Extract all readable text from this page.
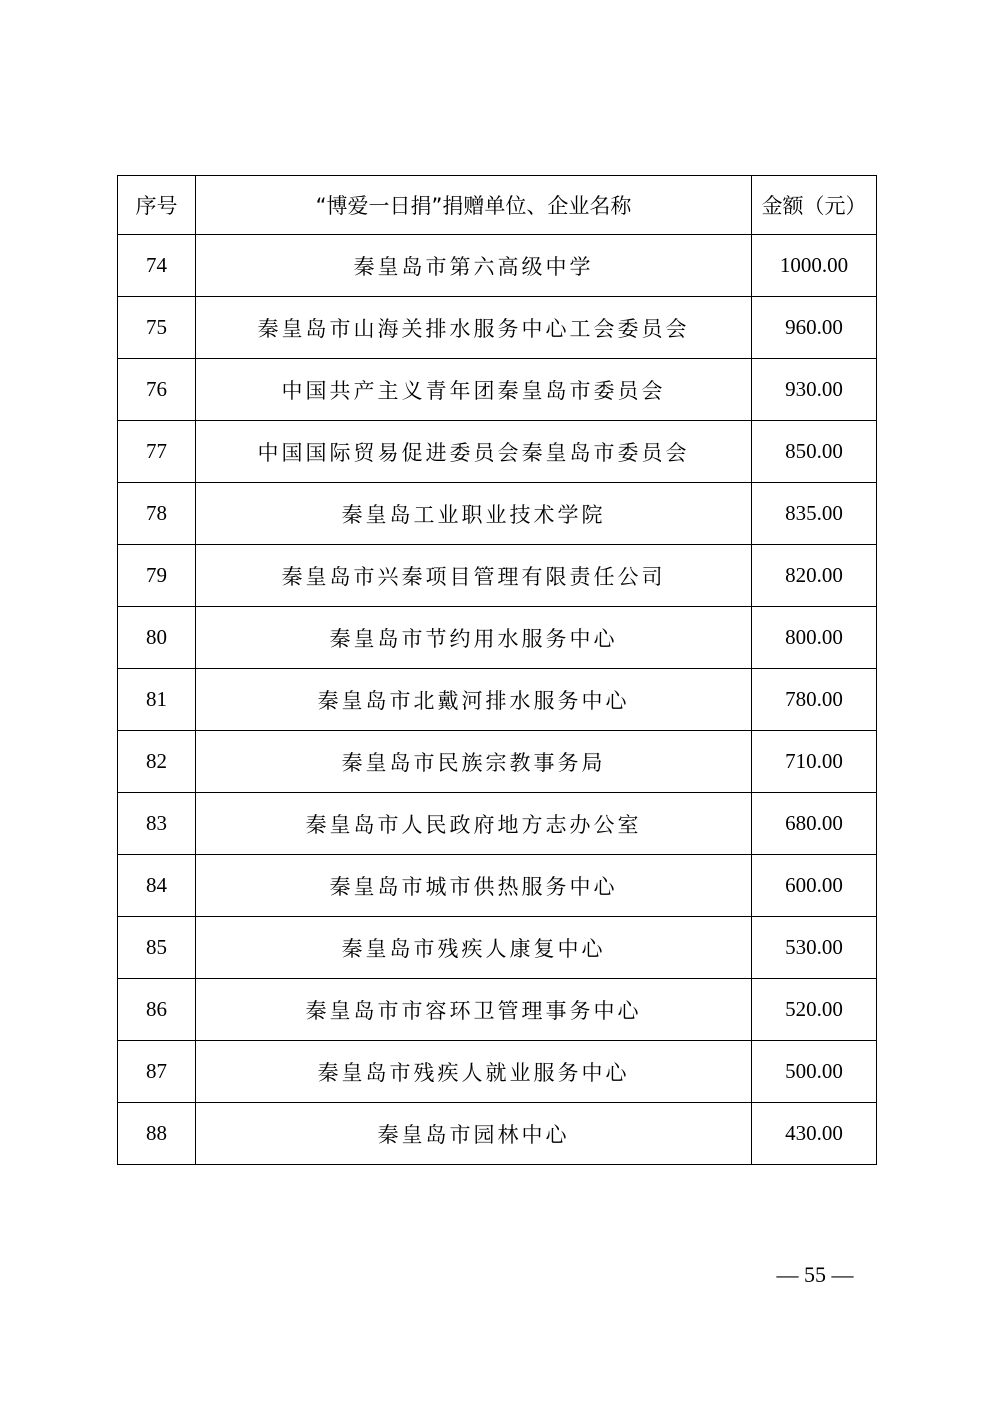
序号	“博爱一日捐”捐赠单位、企业名称	金额（元）
74	秦皇岛市第六高级中学	1000.00
75	秦皇岛市山海关排水服务中心工会委员会	960.00
76	中国共产主义青年团秦皇岛市委员会	930.00
77	中国国际贸易促进委员会秦皇岛市委员会	850.00
78	秦皇岛工业职业技术学院	835.00
79	秦皇岛市兴秦项目管理有限责任公司	820.00
80	秦皇岛市节约用水服务中心	800.00
81	秦皇岛市北戴河排水服务中心	780.00
82	秦皇岛市民族宗教事务局	710.00
83	秦皇岛市人民政府地方志办公室	680.00
84	秦皇岛市城市供热服务中心	600.00
85	秦皇岛市残疾人康复中心	530.00
86	秦皇岛市市容环卫管理事务中心	520.00
87	秦皇岛市残疾人就业服务中心	500.00
88	秦皇岛市园林中心	430.00
— 55 —
